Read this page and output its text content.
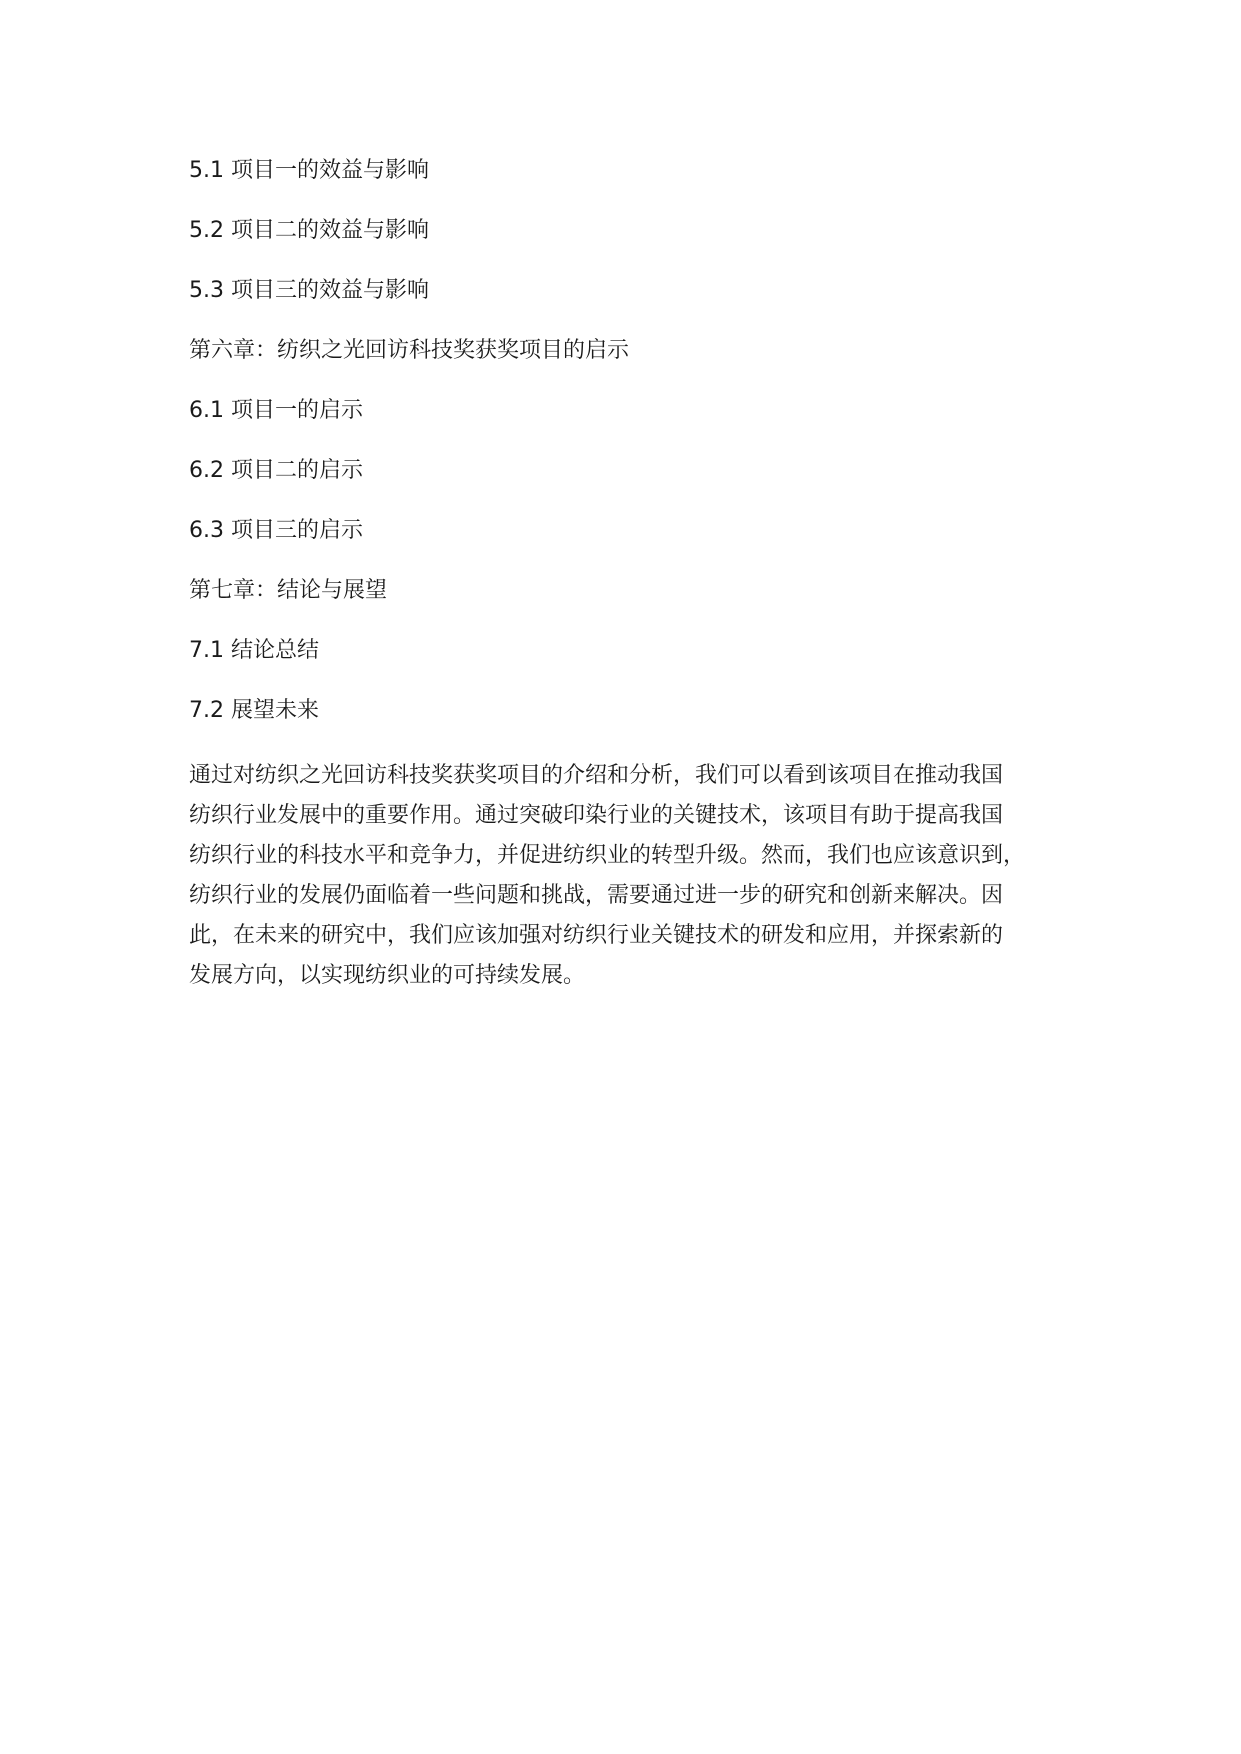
5.1 项目一的效益与影响
5.2 项目二的效益与影响
5.3 项目三的效益与影响
第六章：纺织之光回访科技奖获奖项目的启示
6.1 项目一的启示
6.2 项目二的启示
6.3 项目三的启示
第七章：结论与展望
7.1 结论总结
7.2 展望未来

通过对纺织之光回访科技奖获奖项目的介绍和分析，我们可以看到该项目在推动我国
纺织行业发展中的重要作用。通过突破印染行业的关键技术，该项目有助于提高我国
纺织行业的科技水平和竞争力，并促进纺织业的转型升级。然而，我们也应该意识到，
纺织行业的发展仍面临着一些问题和挑战，需要通过进一步的研究和创新来解决。因
此，在未来的研究中，我们应该加强对纺织行业关键技术的研发和应用，并探索新的
发展方向，以实现纺织业的可持续发展。
